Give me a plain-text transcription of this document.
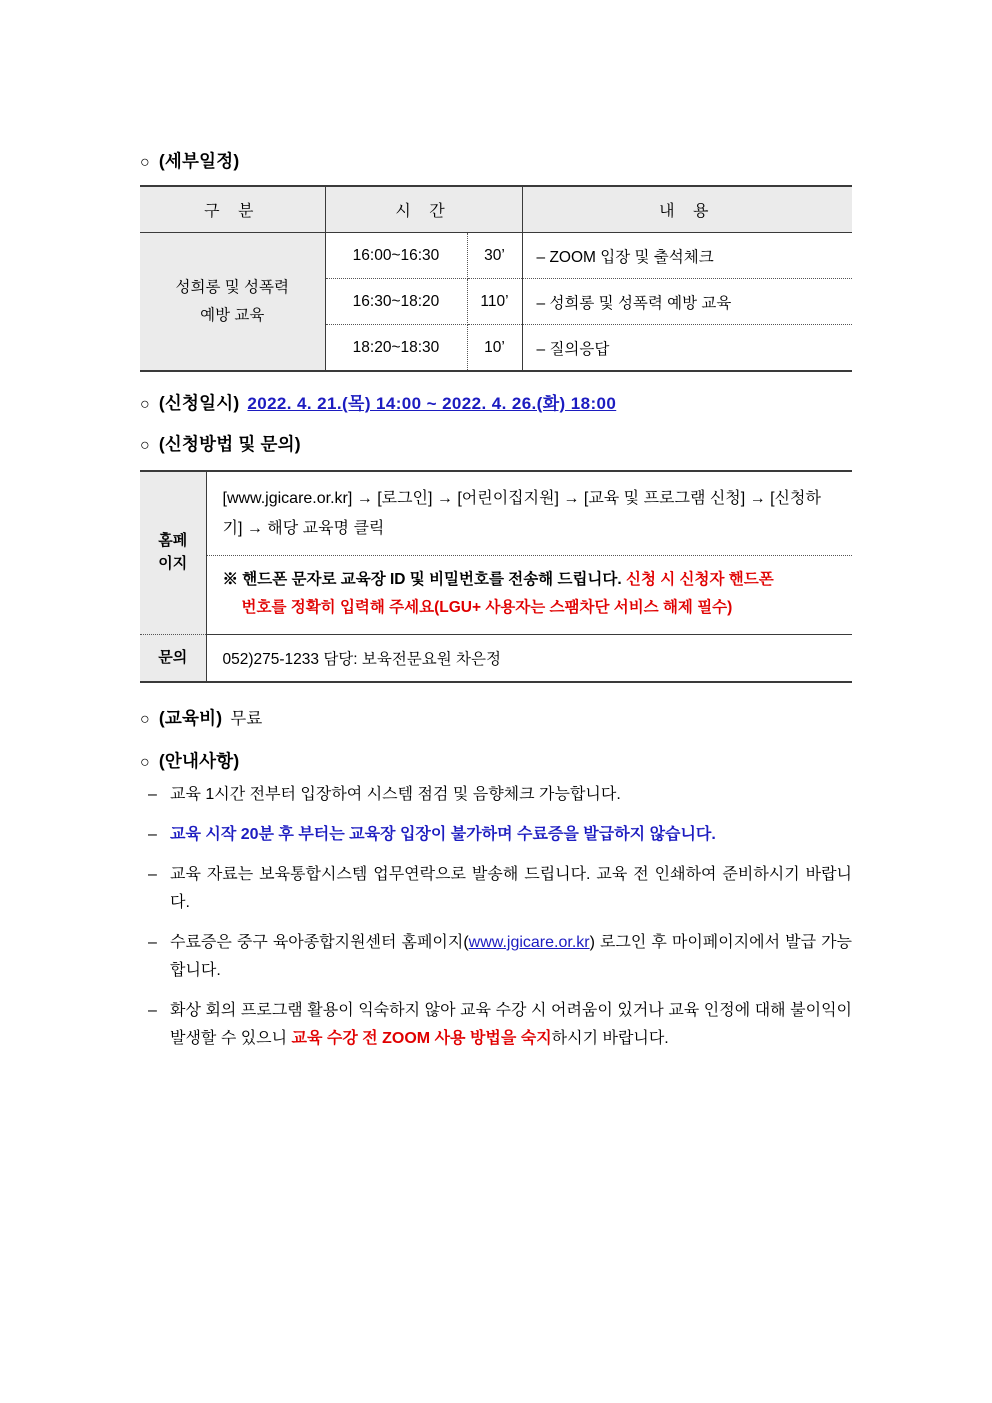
○ (세부일정)
구 분	시 간		내 용
성희롱 및 성폭력
예방 교육	16:00~16:30	30’	– ZOOM 입장 및 출석체크
	16:30~18:20	110’	– 성희롱 및 성폭력 예방 교육
	18:20~18:30	10’	– 질의응답
○ (신청일시) 2022. 4. 21.(목) 14:00 ~ 2022. 4. 26.(화) 18:00
○ (신청방법 및 문의)
홈페
이지	[www.jgicare.or.kr] → [로그인] → [어린이집지원] → [교육 및 프로그램 신청] → [신청하기] → 해당 교육명 클릭
	※ 핸드폰 문자로 교육장 ID 및 비밀번호를 전송해 드립니다. 신청 시 신청자 핸드폰
번호를 정확히 입력해 주세요(LGU+ 사용자는 스팸차단 서비스 해제 필수)

문의	052)275-1233 담당: 보육전문요원 차은정
○ (교육비) 무료
○ (안내사항)
– 교육 1시간 전부터 입장하여 시스템 점검 및 음향체크 가능합니다.
– 교육 시작 20분 후 부터는 교육장 입장이 불가하며 수료증을 발급하지 않습니다.
– 교육 자료는 보육통합시스템 업무연락으로 발송해 드립니다. 교육 전 인쇄하여 준비하시기 바랍니다.
– 수료증은 중구 육아종합지원센터 홈페이지(www.jgicare.or.kr) 로그인 후 마이페이지에서 발급 가능합니다.
– 화상 회의 프로그램 활용이 익숙하지 않아 교육 수강 시 어려움이 있거나 교육 인정에 대해 불이익이 발생할 수 있으니 교육 수강 전 ZOOM 사용 방법을 숙지하시기 바랍니다.
